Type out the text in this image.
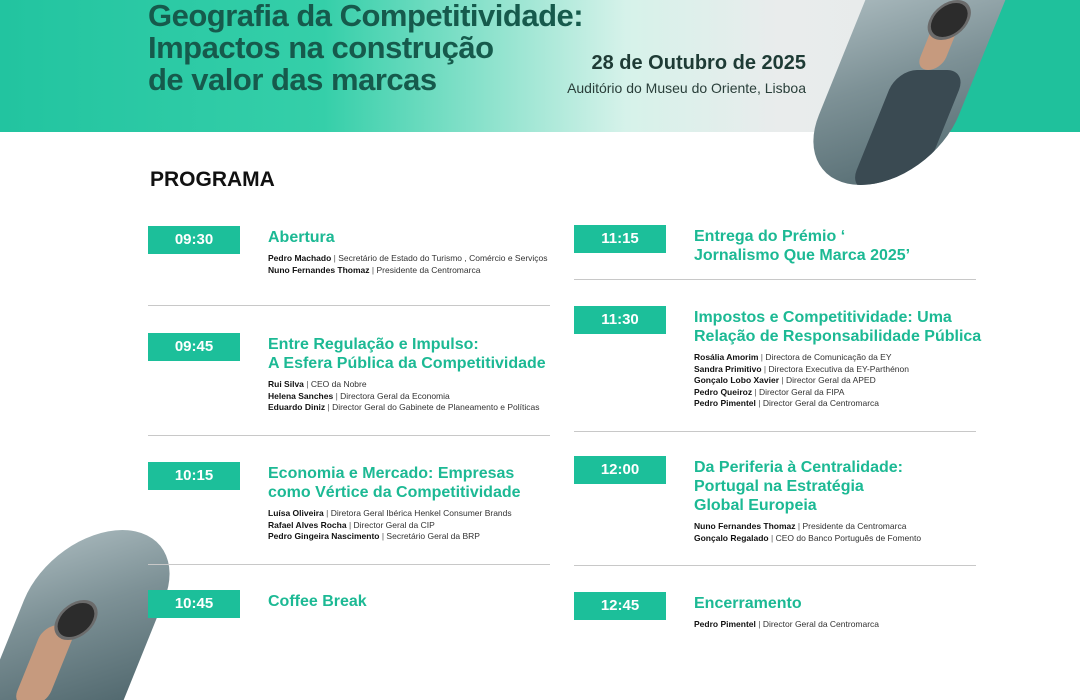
Geografia da Competitividade:
Impactos na construção
de valor das marcas	28 de Outubro de 2025
Auditório do Museu do Oriente, Lisboa
PROGRAMA
09:30	Abertura
Pedro Machado | Secretário de Estado do Turismo , Comércio e Serviços
Nuno Fernandes Thomaz | Presidente da Centromarca
09:45	Entre Regulação e Impulso:
A Esfera Pública da Competitividade
Rui Silva | CEO da Nobre
Helena Sanches | Directora Geral da Economia
Eduardo Diniz | Director Geral do Gabinete de Planeamento e Políticas
10:15	Economia e Mercado: Empresas
como Vértice da Competitividade
Luísa Oliveira | Diretora Geral Ibérica Henkel Consumer Brands
Rafael Alves Rocha | Director Geral da CIP
Pedro Gingeira Nascimento | Secretário Geral da BRP
10:45	Coffee Break
11:15	Entrega do Prémio ‘
Jornalismo Que Marca 2025’
11:30	Impostos e Competitividade: Uma
Relação de Responsabilidade Pública
Rosália Amorim | Directora de Comunicação da EY
Sandra Primitivo | Directora Executiva da EY-Parthénon
Gonçalo Lobo Xavier | Director Geral da APED
Pedro Queiroz | Director Geral da FIPA
Pedro Pimentel | Director Geral da Centromarca
12:00	Da Periferia à Centralidade:
Portugal na Estratégia
Global Europeia
Nuno Fernandes Thomaz | Presidente da Centromarca
Gonçalo Regalado | CEO do Banco Português de Fomento
12:45	Encerramento
Pedro Pimentel | Director Geral da Centromarca
